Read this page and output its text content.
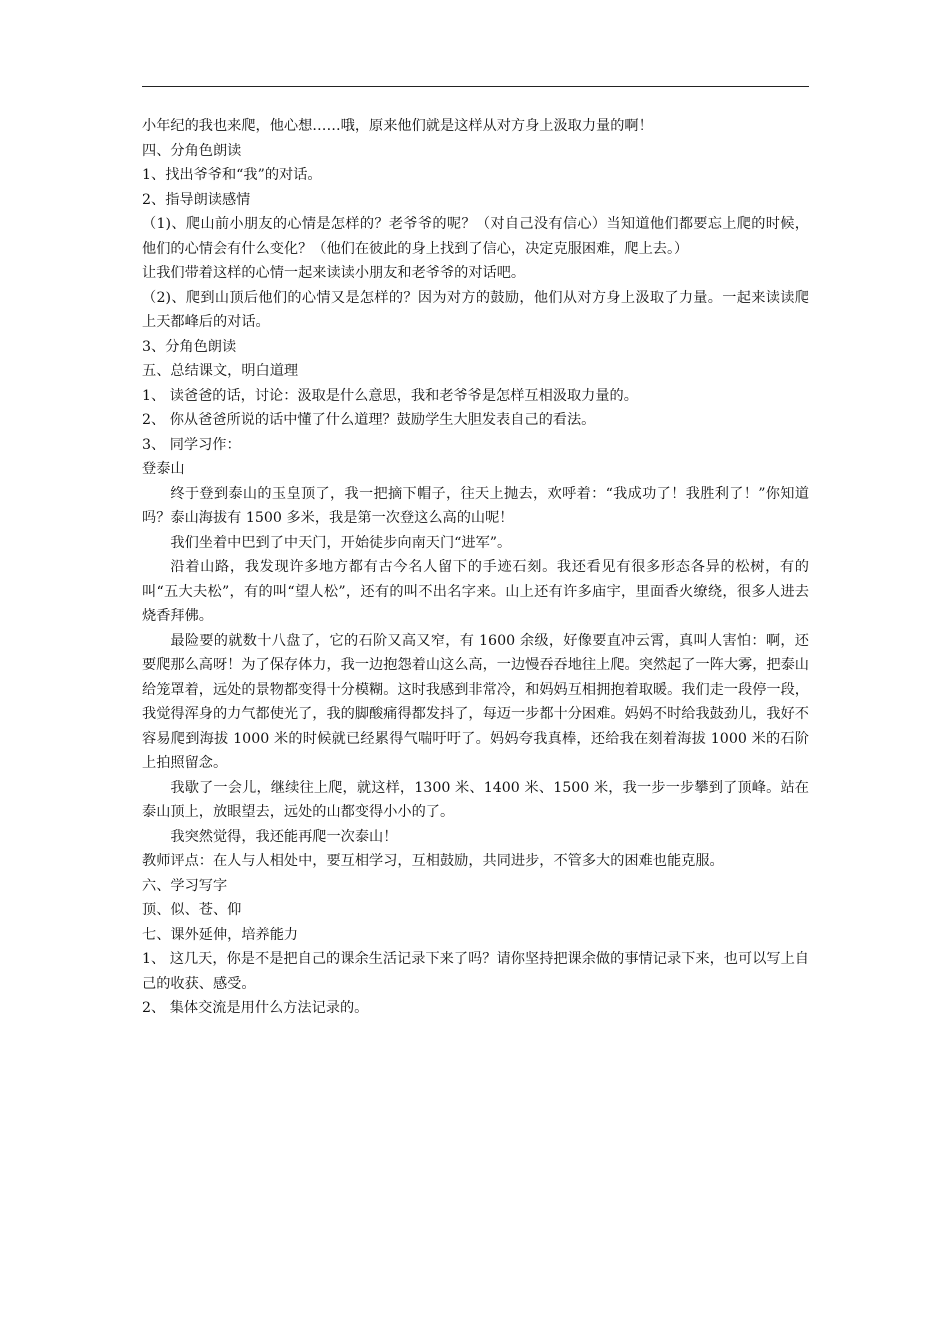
小年纪的我也来爬，他心想……哦，原来他们就是这样从对方身上汲取力量的啊！

四、分角色朗读

1、找出爷爷和“我”的对话。

2、指导朗读感情

（1)、爬山前小朋友的心情是怎样的？老爷爷的呢？（对自己没有信心）当知道他们都要忘上爬的时候，他们的心情会有什么变化？（他们在彼此的身上找到了信心，决定克服困难，爬上去。）

让我们带着这样的心情一起来读读小朋友和老爷爷的对话吧。

（2)、爬到山顶后他们的心情又是怎样的？因为对方的鼓励，他们从对方身上汲取了力量。一起来读读爬上天都峰后的对话。

3、分角色朗读

五、总结课文，明白道理

1、 读爸爸的话，讨论：汲取是什么意思，我和老爷爷是怎样互相汲取力量的。

2、 你从爸爸所说的话中懂了什么道理？鼓励学生大胆发表自己的看法。

3、 同学习作：

登泰山

终于登到泰山的玉皇顶了，我一把摘下帽子，往天上抛去，欢呼着：“我成功了！我胜利了！”你知道吗？泰山海拔有 1500 多米，我是第一次登这么高的山呢！

我们坐着中巴到了中天门，开始徒步向南天门“进军”。

沿着山路，我发现许多地方都有古今名人留下的手迹石刻。我还看见有很多形态各异的松树，有的叫“五大夫松”，有的叫“望人松”，还有的叫不出名字来。山上还有许多庙宇，里面香火缭绕，很多人进去烧香拜佛。

最险要的就数十八盘了，它的石阶又高又窄，有 1600 余级，好像要直冲云霄，真叫人害怕：啊，还要爬那么高呀！为了保存体力，我一边抱怨着山这么高，一边慢吞吞地往上爬。突然起了一阵大雾，把泰山给笼罩着，远处的景物都变得十分模糊。这时我感到非常冷，和妈妈互相拥抱着取暖。我们走一段停一段，我觉得浑身的力气都使光了，我的脚酸痛得都发抖了，每迈一步都十分困难。妈妈不时给我鼓劲儿，我好不容易爬到海拔 1000 米的时候就已经累得气喘吁吁了。妈妈夸我真棒，还给我在刻着海拔 1000 米的石阶上拍照留念。

我歇了一会儿，继续往上爬，就这样，1300 米、1400 米、1500 米，我一步一步攀到了顶峰。站在泰山顶上，放眼望去，远处的山都变得小小的了。

我突然觉得，我还能再爬一次泰山！

教师评点：在人与人相处中，要互相学习，互相鼓励，共同进步，不管多大的困难也能克服。

六、学习写字

顶、似、苍、仰

七、课外延伸，培养能力

1、 这几天，你是不是把自己的课余生活记录下来了吗？请你坚持把课余做的事情记录下来，也可以写上自己的收获、感受。

2、 集体交流是用什么方法记录的。
